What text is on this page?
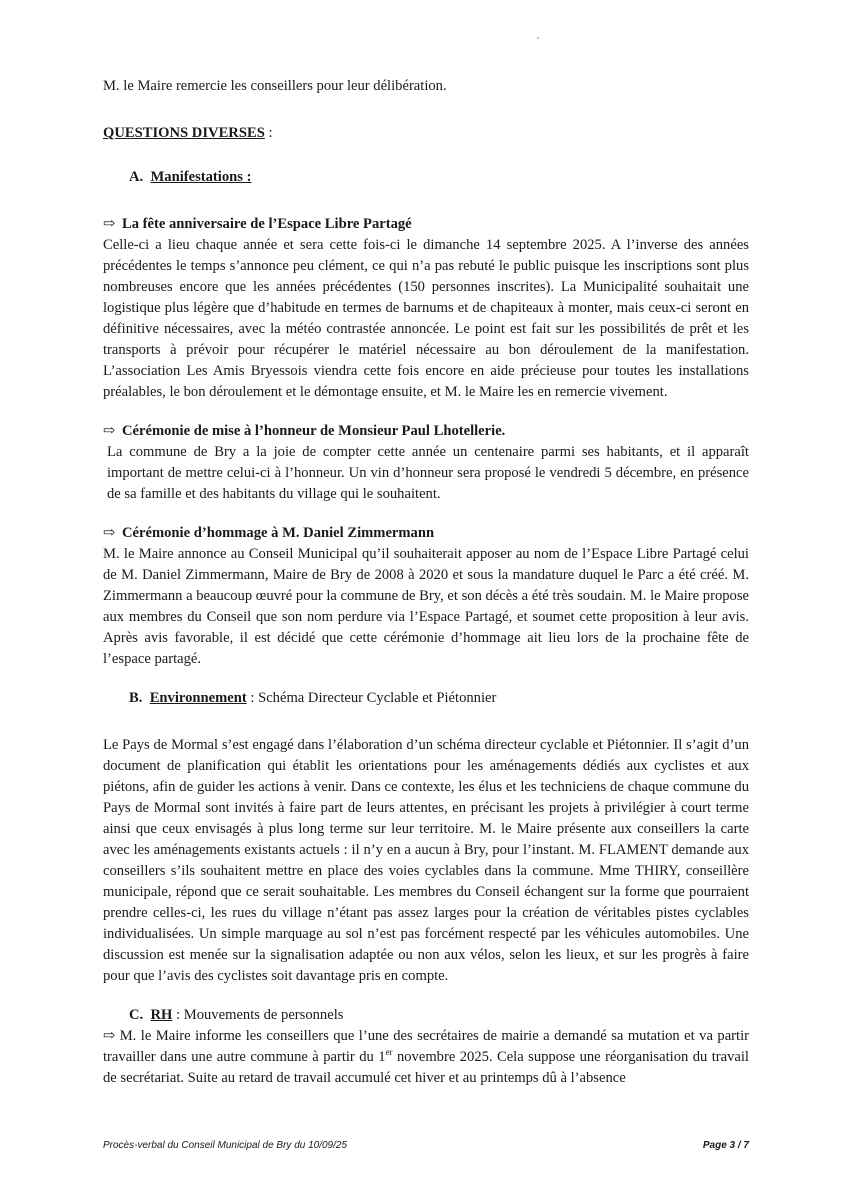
M. le Maire remercie les conseillers pour leur délibération.

QUESTIONS DIVERSES :

A. Manifestations :

⇨ La fête anniversaire de l’Espace Libre Partagé

Celle-ci a lieu chaque année et sera cette fois-ci le dimanche 14 septembre 2025. A l’inverse des années précédentes le temps s’annonce peu clément, ce qui n’a pas rebuté le public puisque les inscriptions sont plus nombreuses encore que les années précédentes (150 personnes inscrites). La Municipalité souhaitait une logistique plus légère que d’habitude en termes de barnums et de chapiteaux à monter, mais ceux-ci seront en définitive nécessaires, avec la météo contrastée annoncée. Le point est fait sur les possibilités de prêt et les transports à prévoir pour récupérer le matériel nécessaire au bon déroulement de la manifestation. L’association Les Amis Bryessois viendra cette fois encore en aide précieuse pour toutes les installations préalables, le bon déroulement et le démontage ensuite, et M. le Maire les en remercie vivement.

⇨ Cérémonie de mise à l’honneur de Monsieur Paul Lhotellerie.

La commune de Bry a la joie de compter cette année un centenaire parmi ses habitants, et il apparaît important de mettre celui-ci à l’honneur. Un vin d’honneur sera proposé le vendredi 5 décembre, en présence de sa famille et des habitants du village qui le souhaitent.

⇨ Cérémonie d’hommage à M. Daniel Zimmermann

M. le Maire annonce au Conseil Municipal qu’il souhaiterait apposer au nom de l’Espace Libre Partagé celui de M. Daniel Zimmermann, Maire de Bry de 2008 à 2020 et sous la mandature duquel le Parc a été créé. M. Zimmermann a beaucoup œuvré pour la commune de Bry, et son décès a été très soudain. M. le Maire propose aux membres du Conseil que son nom perdure via l’Espace Partagé, et soumet cette proposition à leur avis. Après avis favorable, il est décidé que cette cérémonie d’hommage ait lieu lors de la prochaine fête de l’espace partagé.

B. Environnement : Schéma Directeur Cyclable et Piétonnier

Le Pays de Mormal s’est engagé dans l’élaboration d’un schéma directeur cyclable et Piétonnier. Il s’agit d’un document de planification qui établit les orientations pour les aménagements dédiés aux cyclistes et aux piétons, afin de guider les actions à venir. Dans ce contexte, les élus et les techniciens de chaque commune du Pays de Mormal sont invités à faire part de leurs attentes, en précisant les projets à privilégier à court terme ainsi que ceux envisagés à plus long terme sur leur territoire. M. le Maire présente aux conseillers la carte avec les aménagements existants actuels : il n’y en a aucun à Bry, pour l’instant. M. FLAMENT demande aux conseillers s’ils souhaitent mettre en place des voies cyclables dans la commune. Mme THIRY, conseillère municipale, répond que ce serait souhaitable. Les membres du Conseil échangent sur la forme que pourraient prendre celles-ci, les rues du village n’étant pas assez larges pour la création de véritables pistes cyclables individualisées. Un simple marquage au sol n’est pas forcément respecté par les véhicules automobiles. Une discussion est menée sur la signalisation adaptée ou non aux vélos, selon les lieux, et sur les progrès à faire pour que l’avis des cyclistes soit davantage pris en compte.

C. RH : Mouvements de personnels

⇨ M. le Maire informe les conseillers que l’une des secrétaires de mairie a demandé sa mutation et va partir travailler dans une autre commune à partir du 1er novembre 2025. Cela suppose une réorganisation du travail de secrétariat. Suite au retard de travail accumulé cet hiver et au printemps dû à l’absence

Procès-verbal du Conseil Municipal de Bry du 10/09/25	Page 3 / 7
